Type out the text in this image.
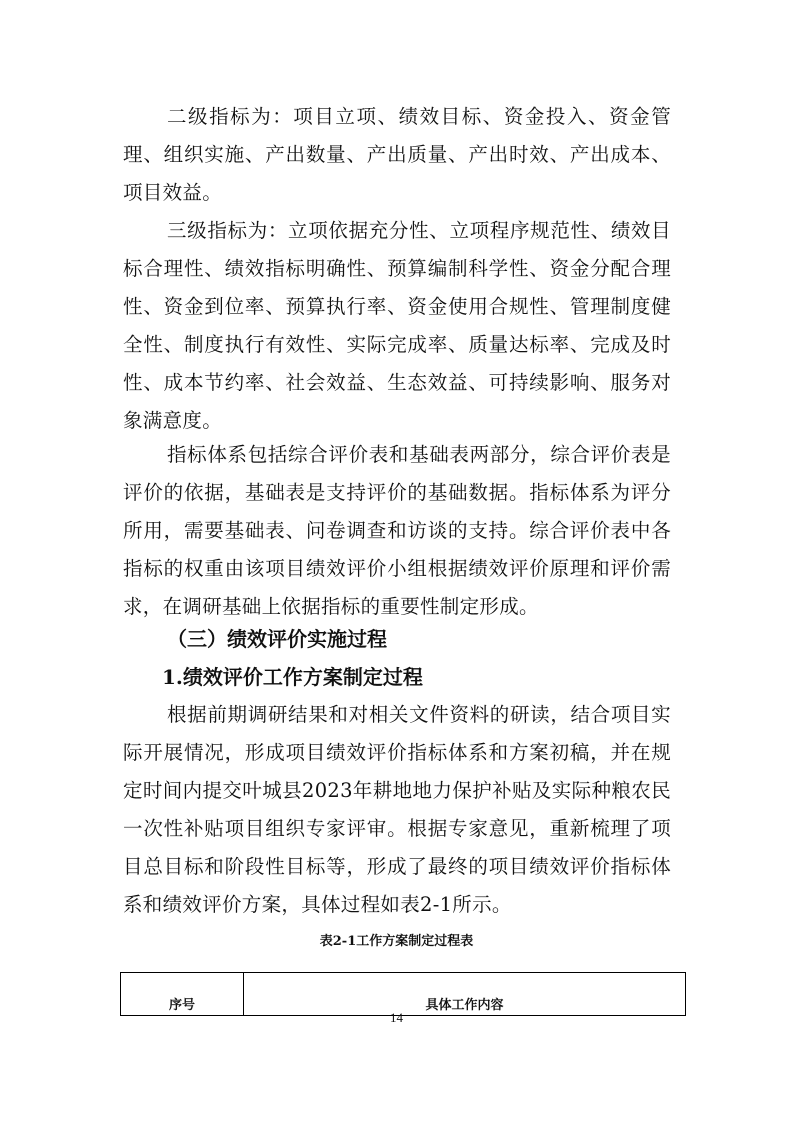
二级指标为：项目立项、绩效目标、资金投入、资金管理、组织实施、产出数量、产出质量、产出时效、产出成本、项目效益。

三级指标为：立项依据充分性、立项程序规范性、绩效目标合理性、绩效指标明确性、预算编制科学性、资金分配合理性、资金到位率、预算执行率、资金使用合规性、管理制度健全性、制度执行有效性、实际完成率、质量达标率、完成及时性、成本节约率、社会效益、生态效益、可持续影响、服务对象满意度。

指标体系包括综合评价表和基础表两部分，综合评价表是评价的依据，基础表是支持评价的基础数据。指标体系为评分所用，需要基础表、问卷调查和访谈的支持。综合评价表中各指标的权重由该项目绩效评价小组根据绩效评价原理和评价需求，在调研基础上依据指标的重要性制定形成。

（三）绩效评价实施过程
1.绩效评价工作方案制定过程

根据前期调研结果和对相关文件资料的研读，结合项目实际开展情况，形成项目绩效评价指标体系和方案初稿，并在规定时间内提交叶城县2023年耕地地力保护补贴及实际种粮农民一次性补贴项目组织专家评审。根据专家意见，重新梳理了项目总目标和阶段性目标等，形成了最终的项目绩效评价指标体系和绩效评价方案，具体过程如表2-1所示。

表2-1工作方案制定过程表
序号	具体工作内容
14
